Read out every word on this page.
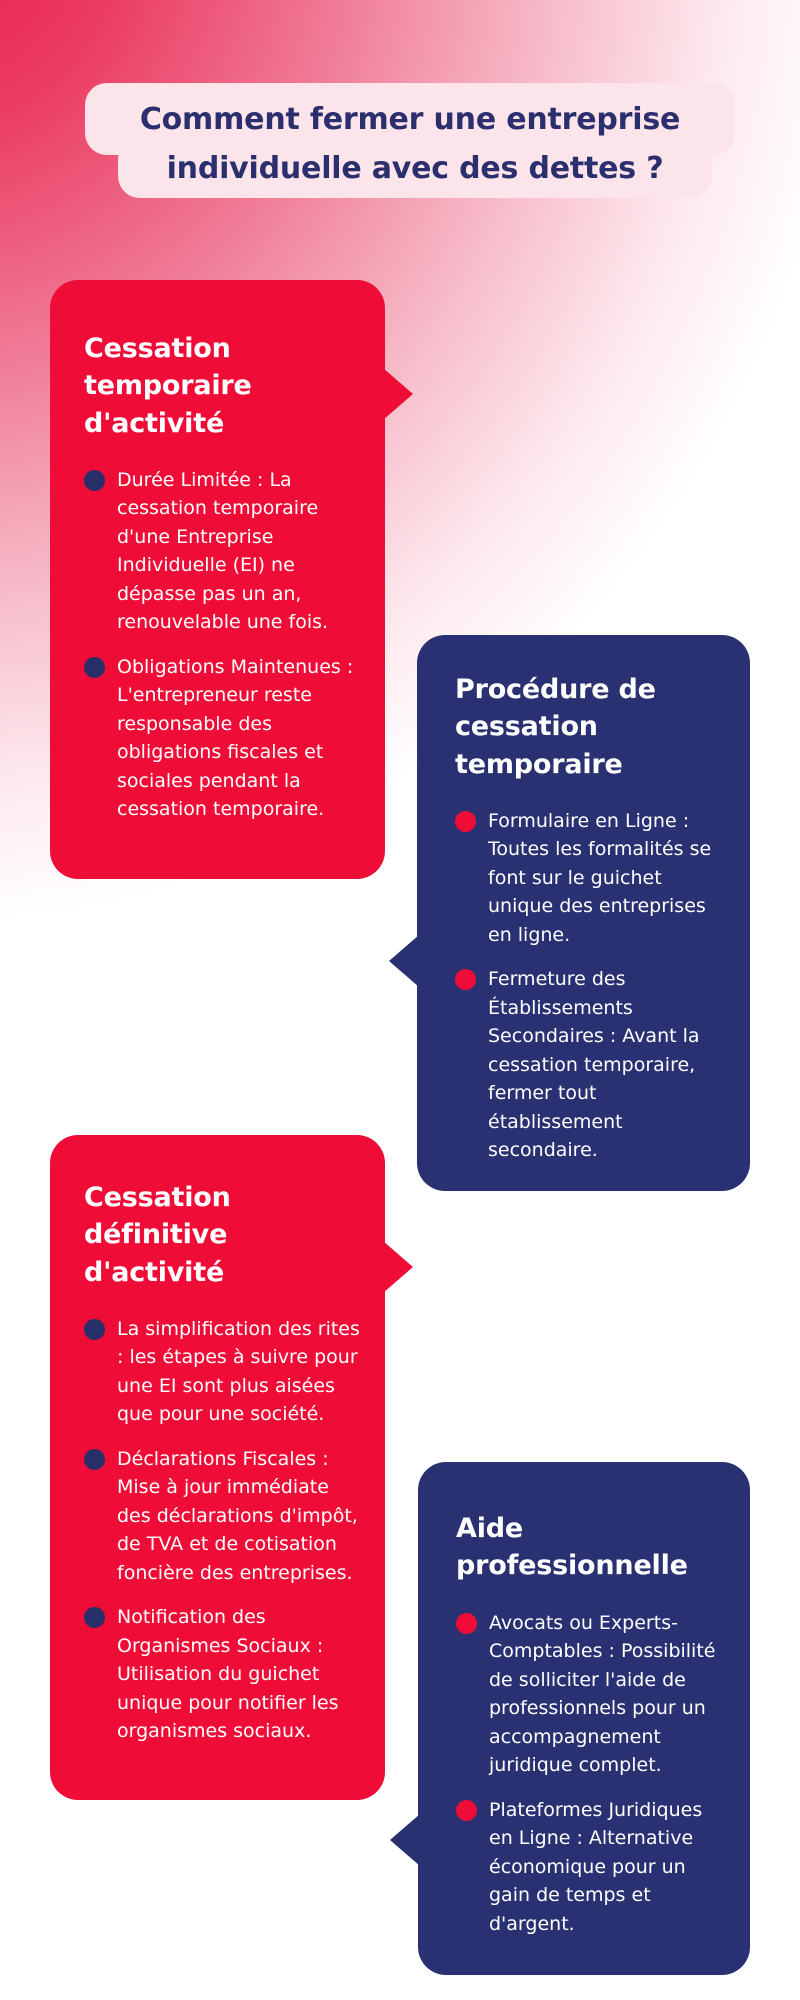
Comment fermer une entreprise
individuelle avec des dettes ?
Cessation temporaire d'activité
Durée Limitée : La cessation temporaire d'une Entreprise Individuelle (EI) ne dépasse pas un an, renouvelable une fois.
Obligations Maintenues : L'entrepreneur reste responsable des obligations fiscales et sociales pendant la cessation temporaire.
Procédure de cessation temporaire
Formulaire en Ligne : Toutes les formalités se font sur le guichet unique des entreprises en ligne.
Fermeture des Établissements Secondaires : Avant la cessation temporaire, fermer tout établissement secondaire.
Cessation définitive d'activité
La simplification des rites : les étapes à suivre pour une EI sont plus aisées que pour une société.
Déclarations Fiscales : Mise à jour immédiate des déclarations d'impôt, de TVA et de cotisation foncière des entreprises.
Notification des Organismes Sociaux : Utilisation du guichet unique pour notifier les organismes sociaux.
Aide professionnelle
Avocats ou Experts-Comptables : Possibilité de solliciter l'aide de professionnels pour un accompagnement juridique complet.
Plateformes Juridiques en Ligne : Alternative économique pour un gain de temps et d'argent.
